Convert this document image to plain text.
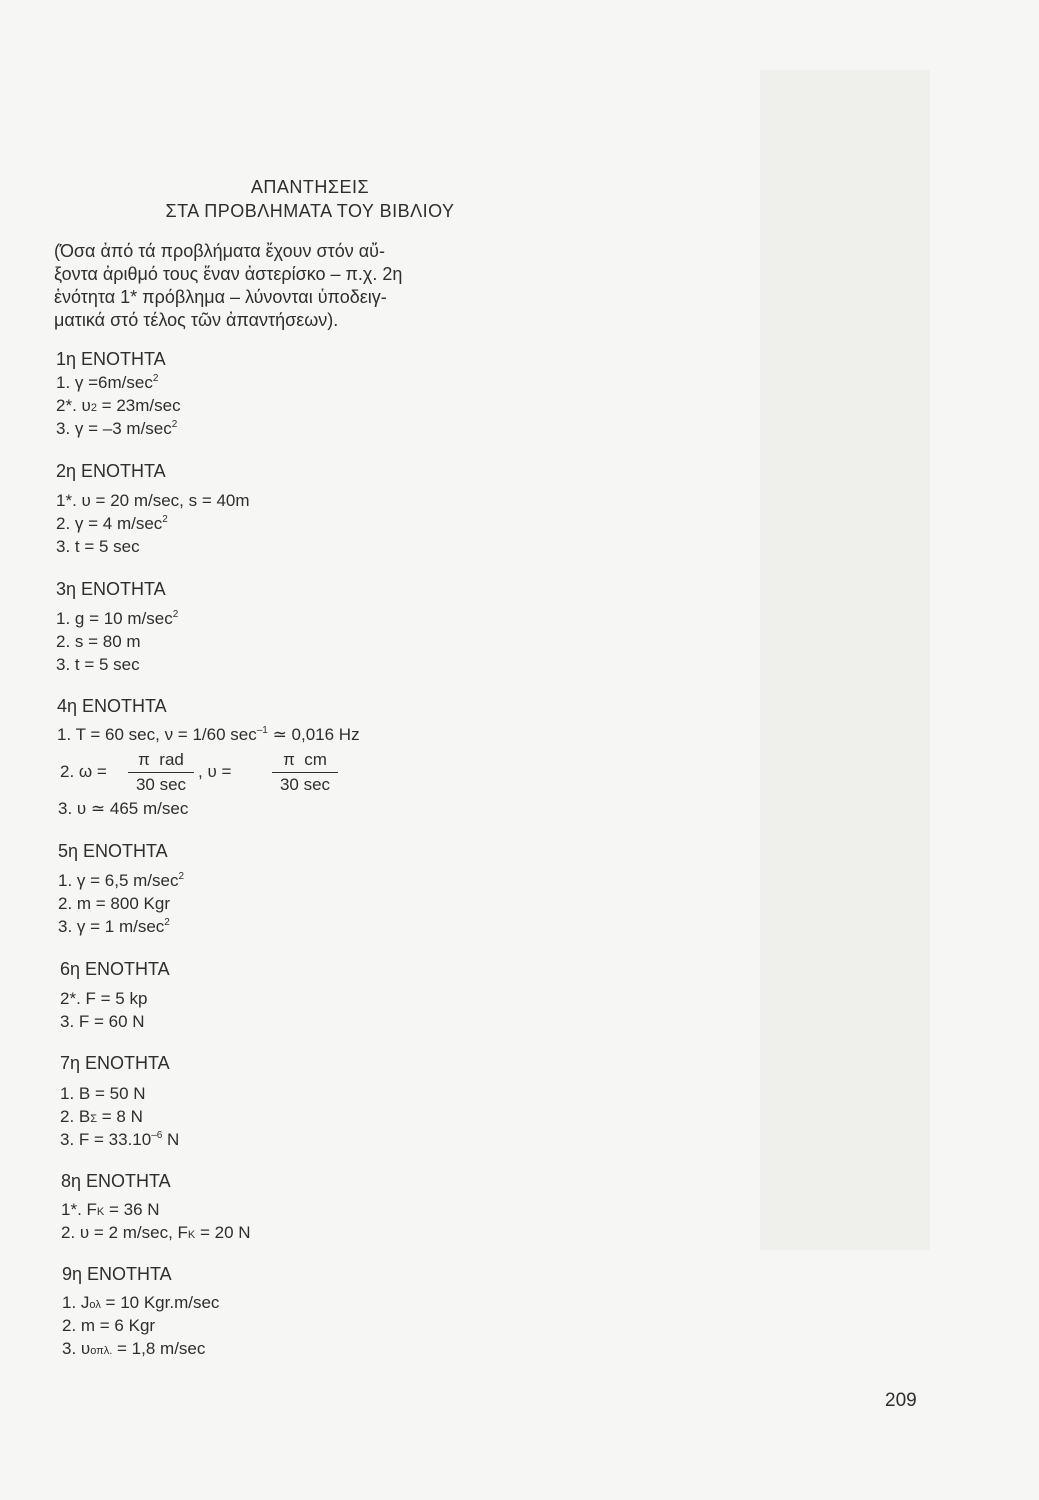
ΑΠΑΝΤΗΣΕΙΣ
ΣΤΑ ΠΡΟΒΛΗΜΑΤΑ ΤΟΥ ΒΙΒΛΙΟΥ
(Όσα ἀπό τά προβλήματα ἔχουν στόν αὔ-
ξοντα ἀριθμό τους ἕναν ἀστερίσκο – π.χ. 2η
ἑνότητα 1* πρόβλημα – λύνονται ὑποδειγ-
ματικά στό τέλος τῶν ἀπαντήσεων).
1η ΕΝΟΤΗΤΑ
1. $\gamma =6m/\sec^2$
2*. υ2 = 23m/sec
3. γ = –3 $m/\sec^2$
2η ΕΝΟΤΗΤΑ
1*. υ = 20 m/sec, s = 40m
2. γ = 4 $m/\sec^2$
3. t = 5 sec
3η ΕΝΟΤΗΤΑ
1. g = 10 $m/\sec^2$
2. s = 80 m
3. t = 5 sec
4η ΕΝΟΤΗΤΑ
1. T = 60 sec, ν = 1/60 $\sec^{-1}$ ≃ 0,016 Hz
2. ω =
π rad
30 sec
, υ =
π cm
30 sec
3. υ ≃ 465 m/sec
5η ΕΝΟΤΗΤΑ
1. γ = 6,5 $m/\sec^2$
2. m = 800 Kgr
3. γ = 1 $m/\sec^2$
6η ΕΝΟΤΗΤΑ
2*. F = 5 kp
3. F = 60 N
7η ΕΝΟΤΗΤΑ
1. B = 50 N
2. BΣ = 8 N
3. $F = 33.10^{-6}$ N
8η ΕΝΟΤΗΤΑ
1*. FK = 36 N
2. υ = 2 m/sec, FK = 20 N
9η ΕΝΟΤΗΤΑ
1. Jολ = 10 Kgr.m/sec
2. m = 6 Kgr
3. υοπλ. = 1,8 m/sec
209
